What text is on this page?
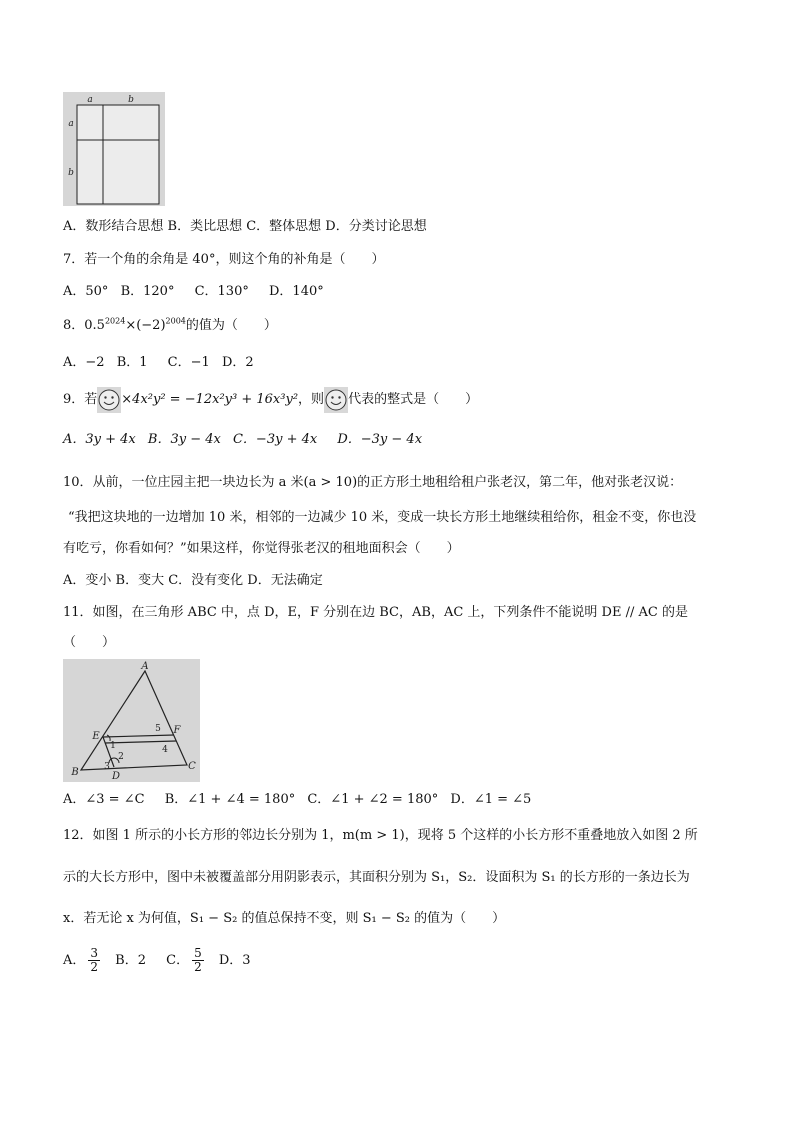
a	b
a
b
A．数形结合思想 B．类比思想 C．整体思想 D．分类讨论思想
7．若一个角的余角是 40°，则这个角的补角是（　　）
A．50° B．120° C．130° D．140°
8．$0.5^{2024}\times(-2)^{2004}$的值为（　　）
A．−2 B．1 C．−1 D．2
9．若 ×4x²y² = −12x²y³ + 16x³y²，则 代表的整式是（　　）
A．3y + 4x B．3y − 4x C．−3y + 4x D．−3y − 4x
10．从前，一位庄园主把一块边长为 a 米(a > 10)的正方形土地租给租户张老汉，第二年，他对张老汉说：
“我把这块地的一边增加 10 米，相邻的一边减少 10 米，变成一块长方形土地继续租给你，租金不变，你也没
有吃亏，你看如何？”如果这样，你觉得张老汉的租地面积会（　　）
A．变小 B．变大 C．没有变化 D．无法确定
11．如图，在三角形 ABC 中，点 D，E，F 分别在边 BC，AB，AC 上，下列条件不能说明 DE // AC 的是
（　　）
A
B
C
D
E
F
1
2
3
4
5
A．∠3 = ∠C B．∠1 + ∠4 = 180° C．∠1 + ∠2 = 180° D．∠1 = ∠5
12．如图 1 所示的小长方形的邻边长分别为 1，m(m > 1)，现将 5 个这样的小长方形不重叠地放入如图 2 所
示的大长方形中，图中未被覆盖部分用阴影表示，其面积分别为 S₁，S₂．设面积为 S₁ 的长方形的一条边长为
x．若无论 x 为何值，S₁ − S₂ 的值总保持不变，则 S₁ − S₂ 的值为（　　）
A． $\frac{3}{2}$ B．2 C． $\frac{5}{2}$ D．3
